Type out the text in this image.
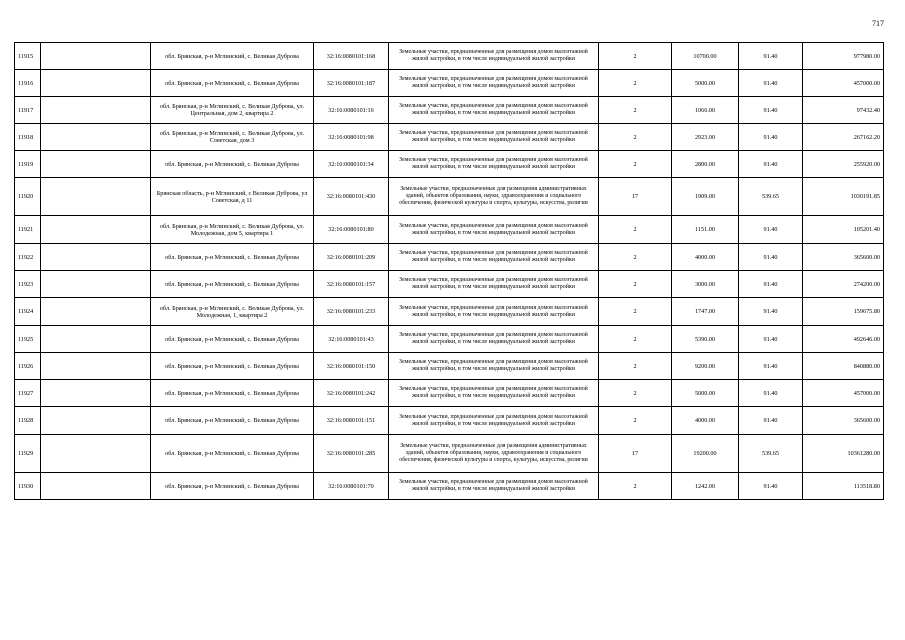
717
11915		обл. Брянская, р-н Мглинский, с. Великая Дуброва	32:16:0080101:168	Земельные участки, предназначенные для размещения домов малоэтажной жилой застройки, в том числе индивидуальной жилой застройки	2	10700.00	91.40	977980.00
11916		обл. Брянская, р-н Мглинский, с. Великая Дуброва	32:16:0080101:187	Земельные участки, предназначенные для размещения домов малоэтажной жилой застройки, в том числе индивидуальной жилой застройки	2	5000.00	91.40	457000.00
11917		обл. Брянская, р-н Мглинский, с. Великая Дуброва, ул. Центральная, дом 2, квартира 2	32:16:0080101:16	Земельные участки, предназначенные для размещения домов малоэтажной жилой застройки, в том числе индивидуальной жилой застройки	2	1066.00	91.40	97432.40
11918		обл. Брянская, р-н Мглинский, с. Великая Дуброва, ул. Советская, дом 3	32:16:0080101:98	Земельные участки, предназначенные для размещения домов малоэтажной жилой застройки, в том числе индивидуальной жилой застройки	2	2923.00	91.40	267162.20
11919		обл. Брянская, р-н Мглинский, с. Великая Дуброва	32:16:0080101:34	Земельные участки, предназначенные для размещения домов малоэтажной жилой застройки, в том числе индивидуальной жилой застройки	2	2800.00	91.40	255920.00
11920		Брянская область, р-н Мглинский, с Великая Дуброва, ул Советская, д 11	32:16:0080101:430	Земельные участки, предназначенные для размещения административных зданий, объектов образования, науки, здравоохранения и социального обеспечения, физической культуры и спорта, культуры, искусства, религии	17	1909.00	539.65	1030191.85
11921		обл. Брянская, р-н Мглинский, с. Великая Дуброва, ул. Молодежная, дом 5, квартира 1	32:16:0080101:80	Земельные участки, предназначенные для размещения домов малоэтажной жилой застройки, в том числе индивидуальной жилой застройки	2	1151.00	91.40	105201.40
11922		обл. Брянская, р-н Мглинский, с. Великая Дуброва	32:16:0080101:209	Земельные участки, предназначенные для размещения домов малоэтажной жилой застройки, в том числе индивидуальной жилой застройки	2	4000.00	91.40	365600.00
11923		обл. Брянская, р-н Мглинский, с. Великая Дуброва	32:16:0080101:157	Земельные участки, предназначенные для размещения домов малоэтажной жилой застройки, в том числе индивидуальной жилой застройки	2	3000.00	91.40	274200.00
11924		обл. Брянская, р-н Мглинский, с. Великая Дуброва, ул. Молодежная, 1, квартира 2	32:16:0080101:233	Земельные участки, предназначенные для размещения домов малоэтажной жилой застройки, в том числе индивидуальной жилой застройки	2	1747.00	91.40	159675.80
11925		обл. Брянская, р-н Мглинский, с. Великая Дуброва	32:16:0080101:43	Земельные участки, предназначенные для размещения домов малоэтажной жилой застройки, в том числе индивидуальной жилой застройки	2	5390.00	91.40	492646.00
11926		обл. Брянская, р-н Мглинский, с. Великая Дуброва	32:16:0080101:150	Земельные участки, предназначенные для размещения домов малоэтажной жилой застройки, в том числе индивидуальной жилой застройки	2	9200.00	91.40	840880.00
11927		обл. Брянская, р-н Мглинский, с. Великая Дуброва	32:16:0080101:242	Земельные участки, предназначенные для размещения домов малоэтажной жилой застройки, в том числе индивидуальной жилой застройки	2	5000.00	91.40	457000.00
11928		обл. Брянская, р-н Мглинский, с. Великая Дуброва	32:16:0080101:151	Земельные участки, предназначенные для размещения домов малоэтажной жилой застройки, в том числе индивидуальной жилой застройки	2	4000.00	91.40	365600.00
11929		обл. Брянская, р-н Мглинский, с. Великая Дуброва	32:16:0080101:285	Земельные участки, предназначенные для размещения административных зданий, объектов образования, науки, здравоохранения и социального обеспечения, физической культуры и спорта, культуры, искусства, религии	17	19200.00	539.65	10361280.00
11930		обл. Брянская, р-н Мглинский, с. Великая Дуброва	32:16:0080101:70	Земельные участки, предназначенные для размещения домов малоэтажной жилой застройки, в том числе индивидуальной жилой застройки	2	1242.00	91.40	113518.80
